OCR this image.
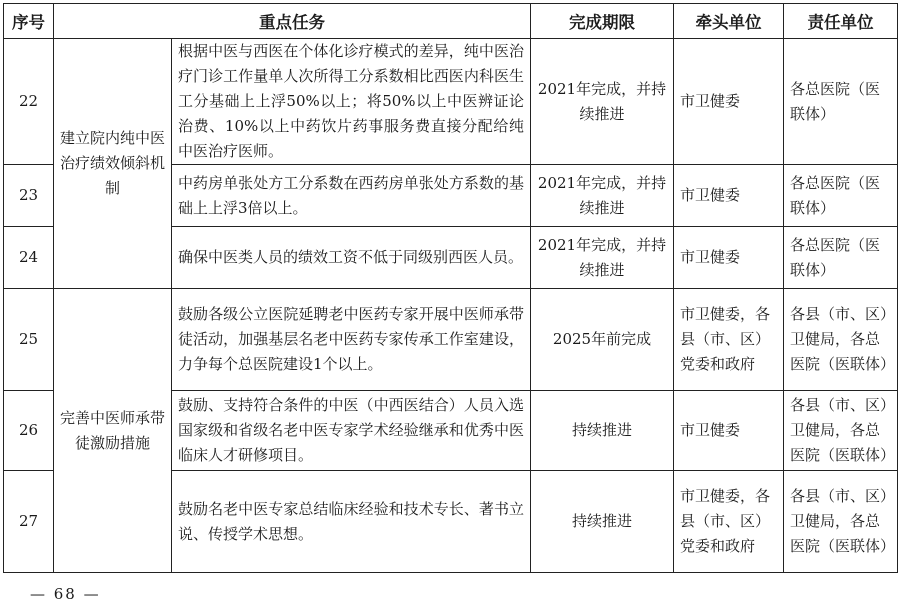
序号	重点任务		完成期限	牵头单位	责任单位
22	建立院内纯中医治疗绩效倾斜机制	根据中医与西医在个体化诊疗模式的差异，纯中医治疗门诊工作量单人次所得工分系数相比西医内科医生工分基础上上浮50%以上；将50%以上中医辨证论治费、10%以上中药饮片药事服务费直接分配给纯中医治疗医师。	2021年完成，并持续推进	市卫健委	各总医院（医联体）
23		中药房单张处方工分系数在西药房单张处方系数的基础上上浮3倍以上。	2021年完成，并持续推进	市卫健委	各总医院（医联体）
24		确保中医类人员的绩效工资不低于同级别西医人员。	2021年完成，并持续推进	市卫健委	各总医院（医联体）
25	完善中医师承带徒激励措施	鼓励各级公立医院延聘老中医药专家开展中医师承带徒活动，加强基层名老中医药专家传承工作室建设，力争每个总医院建设1个以上。	2025年前完成	市卫健委，各县（市、区）党委和政府	各县（市、区）卫健局，各总医院（医联体）
26		鼓励、支持符合条件的中医（中西医结合）人员入选国家级和省级名老中医专家学术经验继承和优秀中医临床人才研修项目。	持续推进	市卫健委	各县（市、区）卫健局，各总医院（医联体）
27		鼓励名老中医专家总结临床经验和技术专长、著书立说、传授学术思想。	持续推进	市卫健委，各县（市、区）党委和政府	各县（市、区）卫健局，各总医院（医联体）
— 68 —
